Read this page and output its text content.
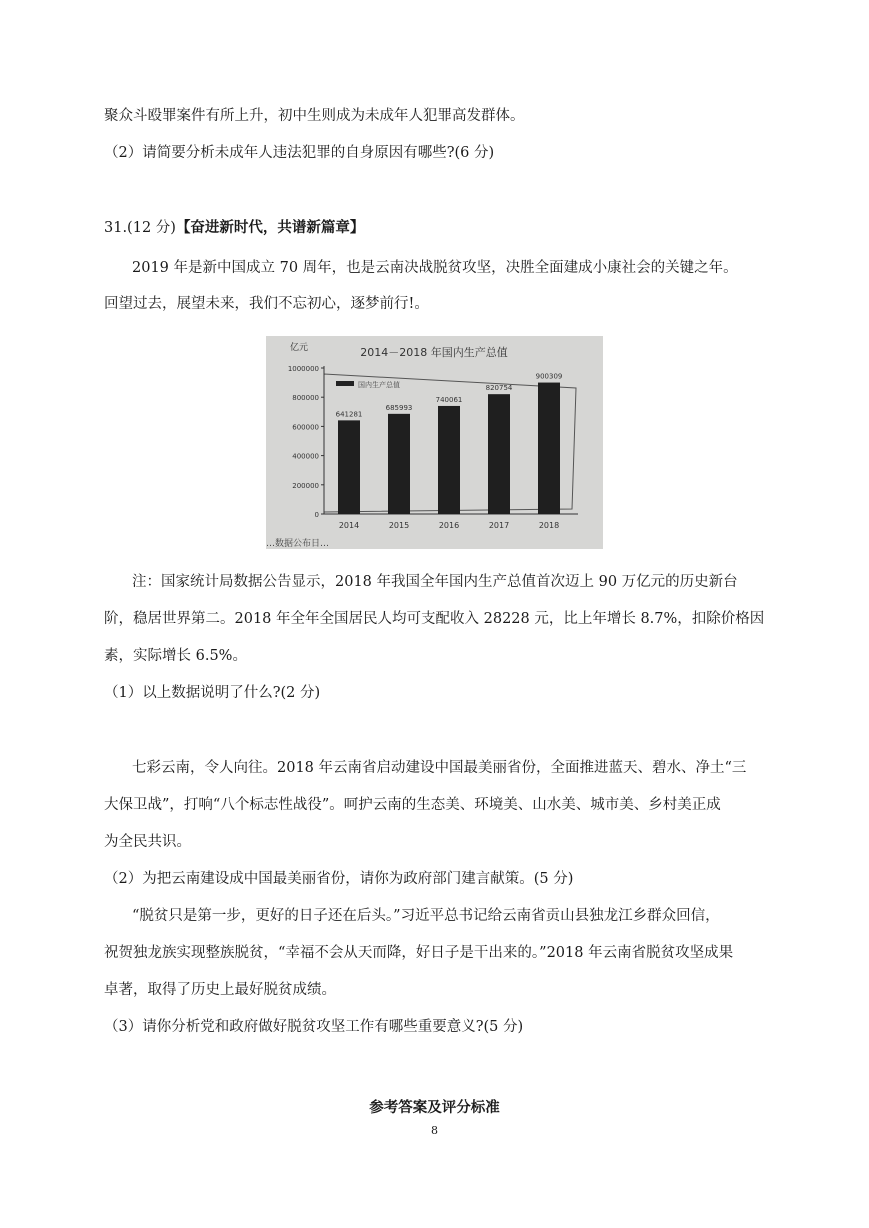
聚众斗殴罪案件有所上升，初中生则成为未成年人犯罪高发群体。
（2）请简要分析未成年人违法犯罪的自身原因有哪些?(6 分)
31.(12 分)【奋进新时代，共谱新篇章】
2019 年是新中国成立 70 周年，也是云南决战脱贫攻坚，决胜全面建成小康社会的关键之年。
回望过去，展望未来，我们不忘初心，逐梦前行!。
亿元	2014－2018 年国内生产总值
国内生产总值
0
200000
400000
600000
800000
1000000
641281
2014
685993
2015
740061
2016
820754
2017
900309
2018
…数据公布日…
注：国家统计局数据公告显示，2018 年我国全年国内生产总值首次迈上 90 万亿元的历史新台
阶，稳居世界第二。2018 年全年全国居民人均可支配收入 28228 元，比上年增长 8.7%，扣除价格因
素，实际增长 6.5%。
（1）以上数据说明了什么?(2 分)
七彩云南，令人向往。2018 年云南省启动建设中国最美丽省份，全面推进蓝天、碧水、净土“三
大保卫战”，打响“八个标志性战役”。呵护云南的生态美、环境美、山水美、城市美、乡村美正成
为全民共识。
（2）为把云南建设成中国最美丽省份，请你为政府部门建言献策。(5 分)
“脱贫只是第一步，更好的日子还在后头。”习近平总书记给云南省贡山县独龙江乡群众回信，
祝贺独龙族实现整族脱贫，“幸福不会从天而降，好日子是干出来的。”2018 年云南省脱贫攻坚成果
卓著，取得了历史上最好脱贫成绩。
（3）请你分析党和政府做好脱贫攻坚工作有哪些重要意义?(5 分)
参考答案及评分标准
8
